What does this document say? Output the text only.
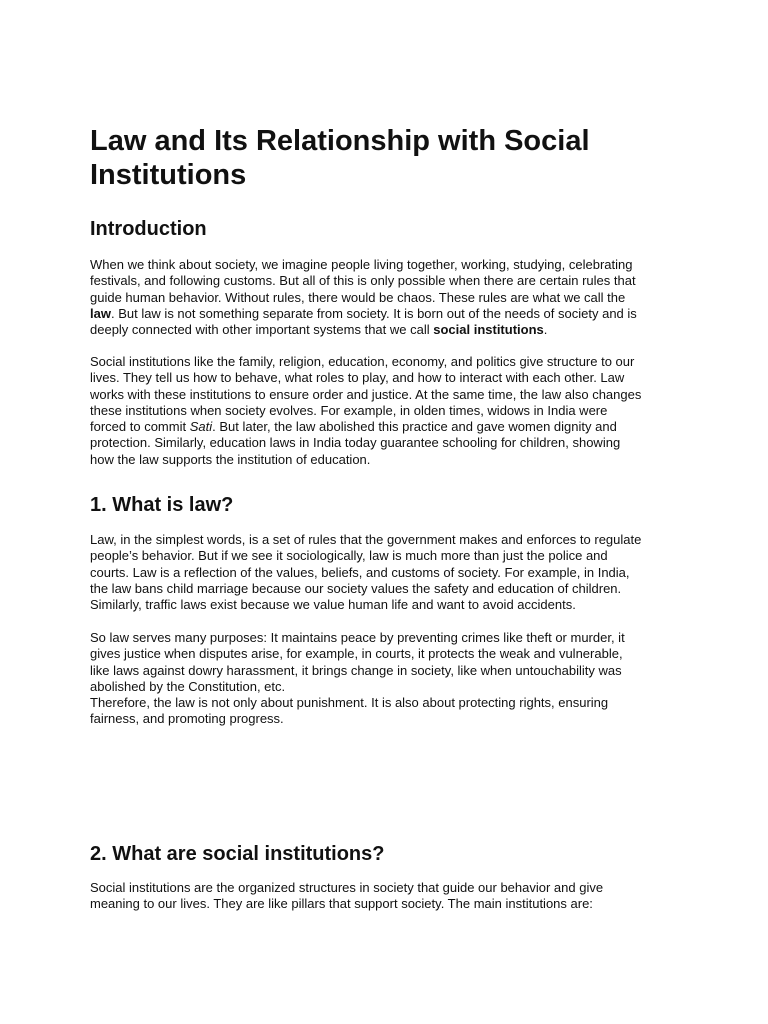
Law and Its Relationship with Social
Institutions
Introduction

When we think about society, we imagine people living together, working, studying, celebrating festivals, and following customs. But all of this is only possible when there are certain rules that guide human behavior. Without rules, there would be chaos. These rules are what we call the law. But law is not something separate from society. It is born out of the needs of society and is deeply connected with other important systems that we call social institutions.

Social institutions like the family, religion, education, economy, and politics give structure to our lives. They tell us how to behave, what roles to play, and how to interact with each other. Law works with these institutions to ensure order and justice. At the same time, the law also changes these institutions when society evolves. For example, in olden times, widows in India were forced to commit Sati. But later, the law abolished this practice and gave women dignity and protection. Similarly, education laws in India today guarantee schooling for children, showing how the law supports the institution of education.

1. What is law?

Law, in the simplest words, is a set of rules that the government makes and enforces to regulate people’s behavior. But if we see it sociologically, law is much more than just the police and courts. Law is a reflection of the values, beliefs, and customs of society. For example, in India, the law bans child marriage because our society values the safety and education of children. Similarly, traffic laws exist because we value human life and want to avoid accidents.

So law serves many purposes: It maintains peace by preventing crimes like theft or murder, it gives justice when disputes arise, for example, in courts, it protects the weak and vulnerable, like laws against dowry harassment, it brings change in society, like when untouchability was abolished by the Constitution, etc. Therefore, the law is not only about punishment. It is also about protecting rights, ensuring fairness, and promoting progress.

2. What are social institutions?

Social institutions are the organized structures in society that guide our behavior and give meaning to our lives. They are like pillars that support society. The main institutions are:
